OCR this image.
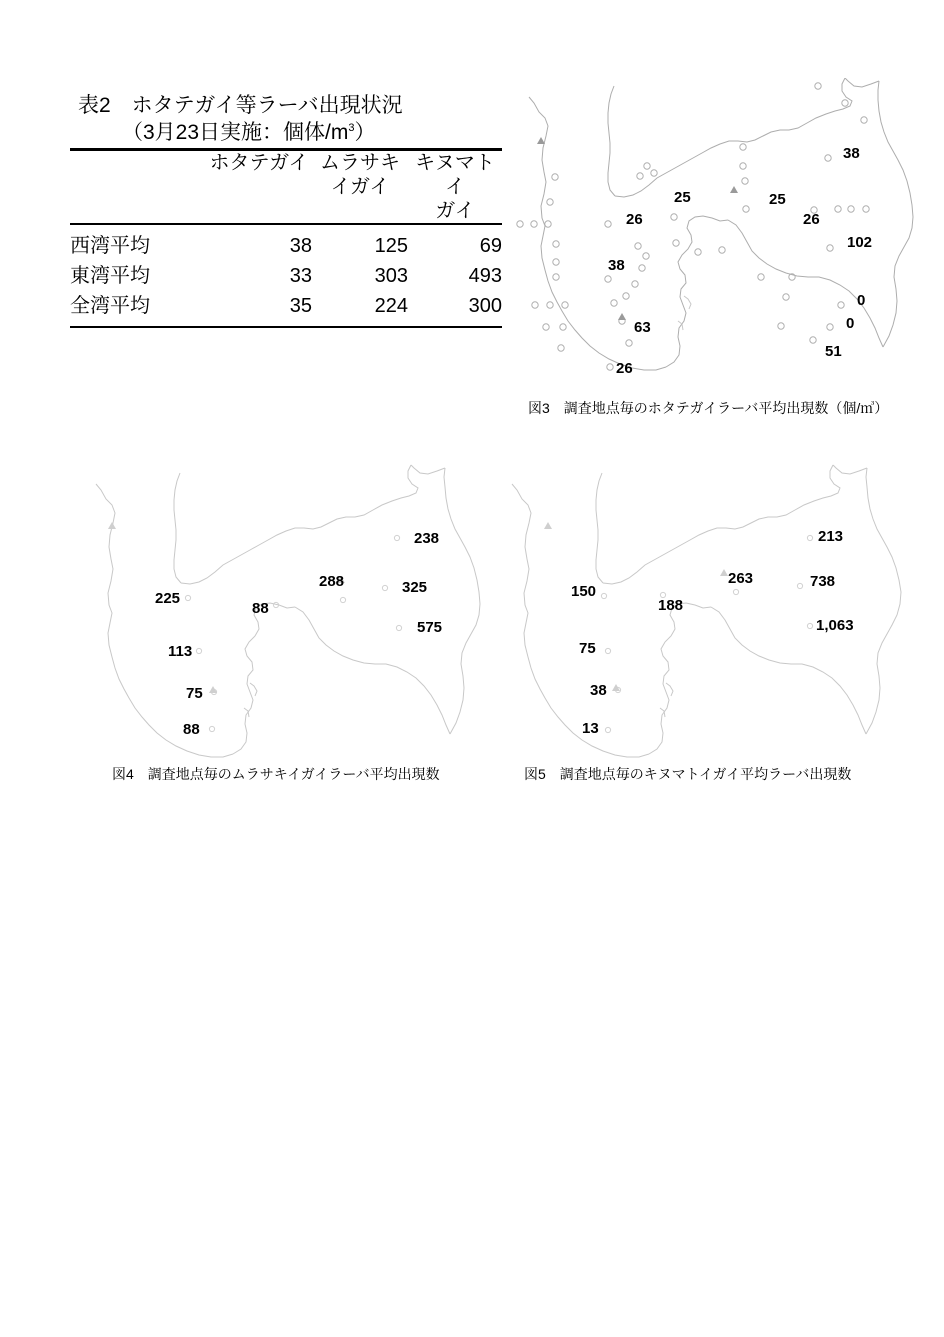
表2　ホタテガイ等ラーバ出現状況
（3月23日実施：個体$/m^3$）
	ホタテガイ	ムラサキ
イガイ	キヌマトイ
ガイ

西湾平均	38	125	69
東湾平均	33	303	493
全湾平均	35	224	300

38
25	25
26	26
102
38
0
0
63
51
26
図3　調査地点毎のホタテガイラーバ平均出現数（個/㎥）
238
288	325
225
88
575
113
75
88
図4　調査地点毎のムラサキイガイラーバ平均出現数
213
263	738
150
188
1,063
75
38
13
図5　調査地点毎のキヌマトイガイ平均ラーバ出現数
